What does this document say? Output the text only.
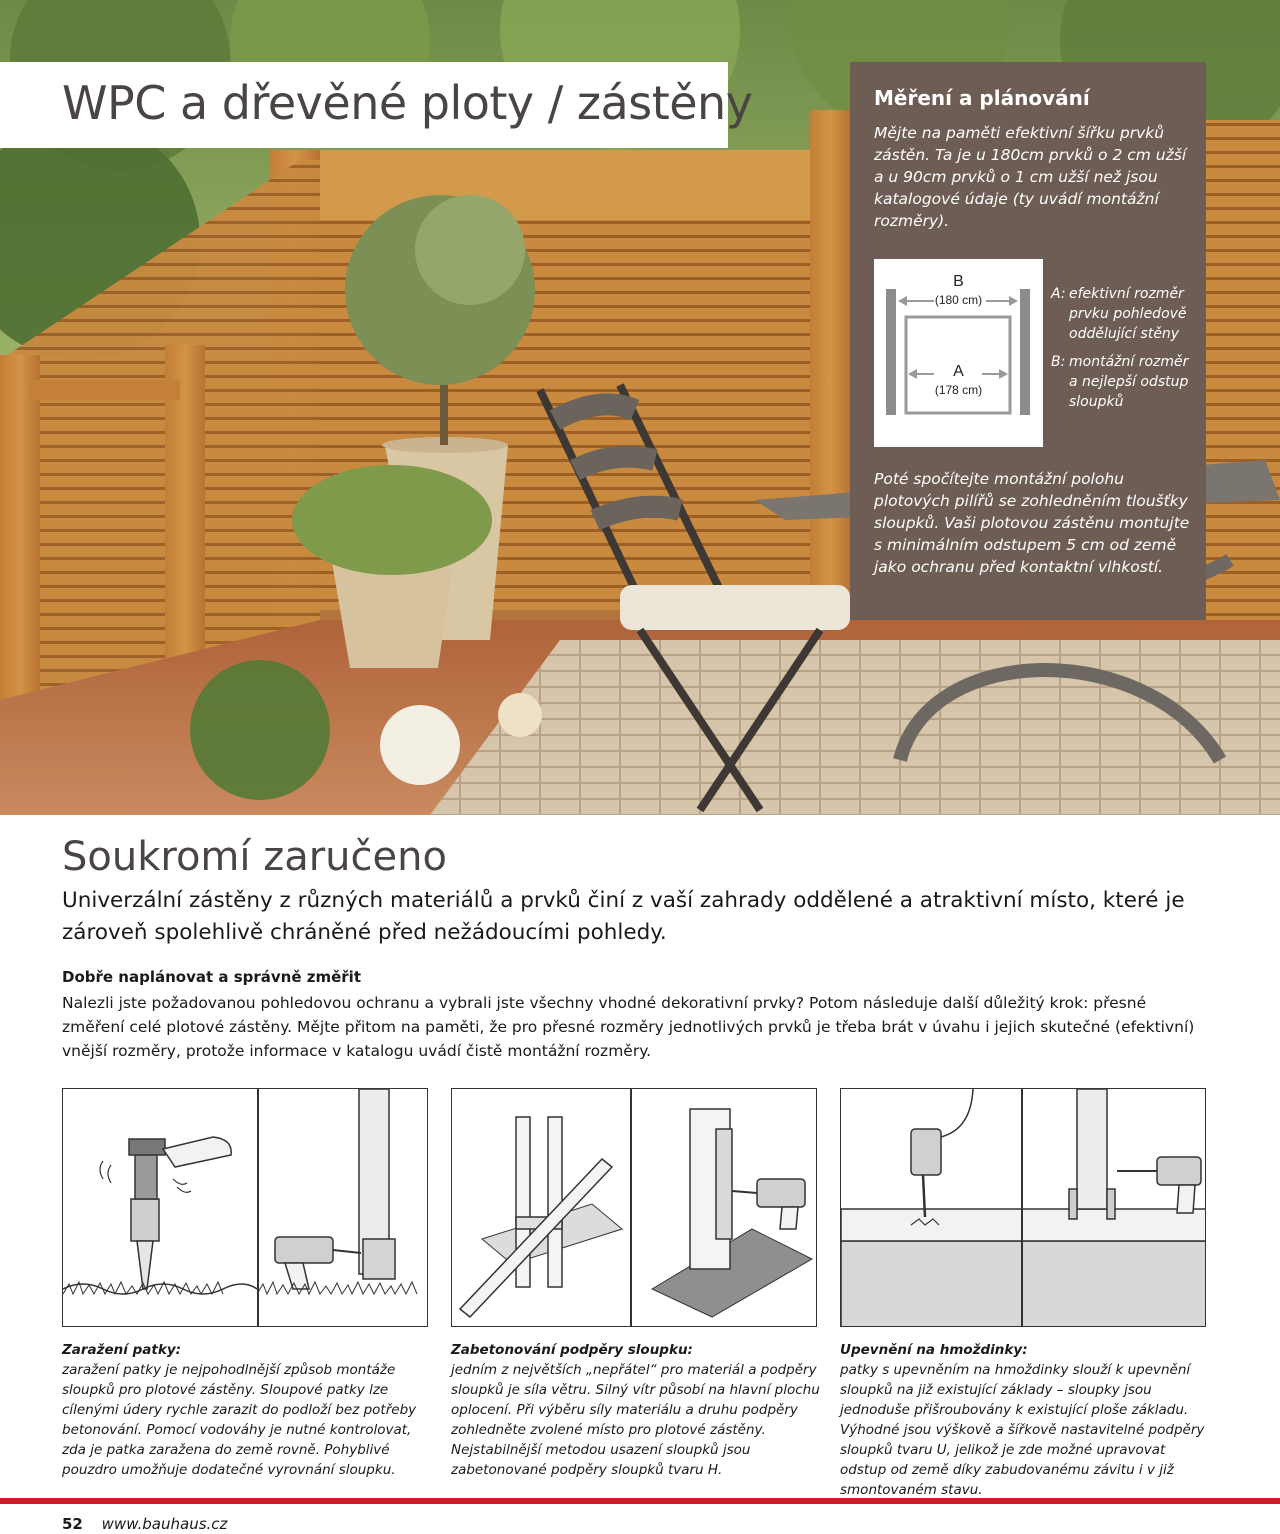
WPC a dřevěné ploty / zástěny	Měření a plánování

Mějte na paměti efektivní šířku prvků zástěn. Ta je u 180cm prvků o 2 cm užší a u 90cm prvků o 1 cm užší než jsou katalogové údaje (ty uvádí montážní rozměry).

B
(180 cm)
A
(178 cm)
A: efektivní rozměr prvku pohledově oddělující stěny
B: montážní rozměr a nejlepší odstup sloupků

Poté spočítejte montážní polohu plotových pilířů se zohledněním tloušťky sloupků. Vaši plotovou zástěnu montujte s minimálním odstupem 5 cm od země jako ochranu před kontaktní vlhkostí.

Soukromí zaručeno

Univerzální zástěny z různých materiálů a prvků činí z vaší zahrady oddělené a atraktivní místo, které je zároveň spolehlivě chráněné před nežádoucími pohledy.

Dobře naplánovat a správně změřit

Nalezli jste požadovanou pohledovou ochranu a vybrali jste všechny vhodné dekorativní prvky? Potom následuje další důležitý krok: přesné změření celé plotové zástěny. Mějte přitom na paměti, že pro přesné rozměry jednotlivých prvků je třeba brát v úvahu i jejich skutečné (efektivní) vnější rozměry, protože informace v katalogu uvádí čistě montážní rozměry.

Zaražení patky:
zaražení patky je nejpohodlnější způsob montáže sloupků pro plotové zástěny. Sloupové patky lze cílenými údery rychle zarazit do podloží bez potřeby betonování. Pomocí vodováhy je nutné kontrolovat, zda je patka zaražena do země rovně. Pohyblivé pouzdro umožňuje dodatečné vyrovnání sloupku.
Zabetonování podpěry sloupku:
jedním z největších „nepřátel“ pro materiál a podpěry sloupků je síla větru. Silný vítr působí na hlavní plochu oplocení. Při výběru síly materiálu a druhu podpěry zohledněte zvolené místo pro plotové zástěny. Nejstabilnější metodou usazení sloupků jsou zabetonované podpěry sloupků tvaru H.
Upevnění na hmoždinky:
patky s upevněním na hmoždinky slouží k upevnění sloupků na již existující základy – sloupky jsou jednoduše přišroubovány k existující ploše základu. Výhodné jsou výškově a šířkově nastavitelné podpěry sloupků tvaru U, jelikož je zde možné upravovat odstup od země díky zabudovanému závitu i v již smontovaném stavu.
52 www.bauhaus.cz
